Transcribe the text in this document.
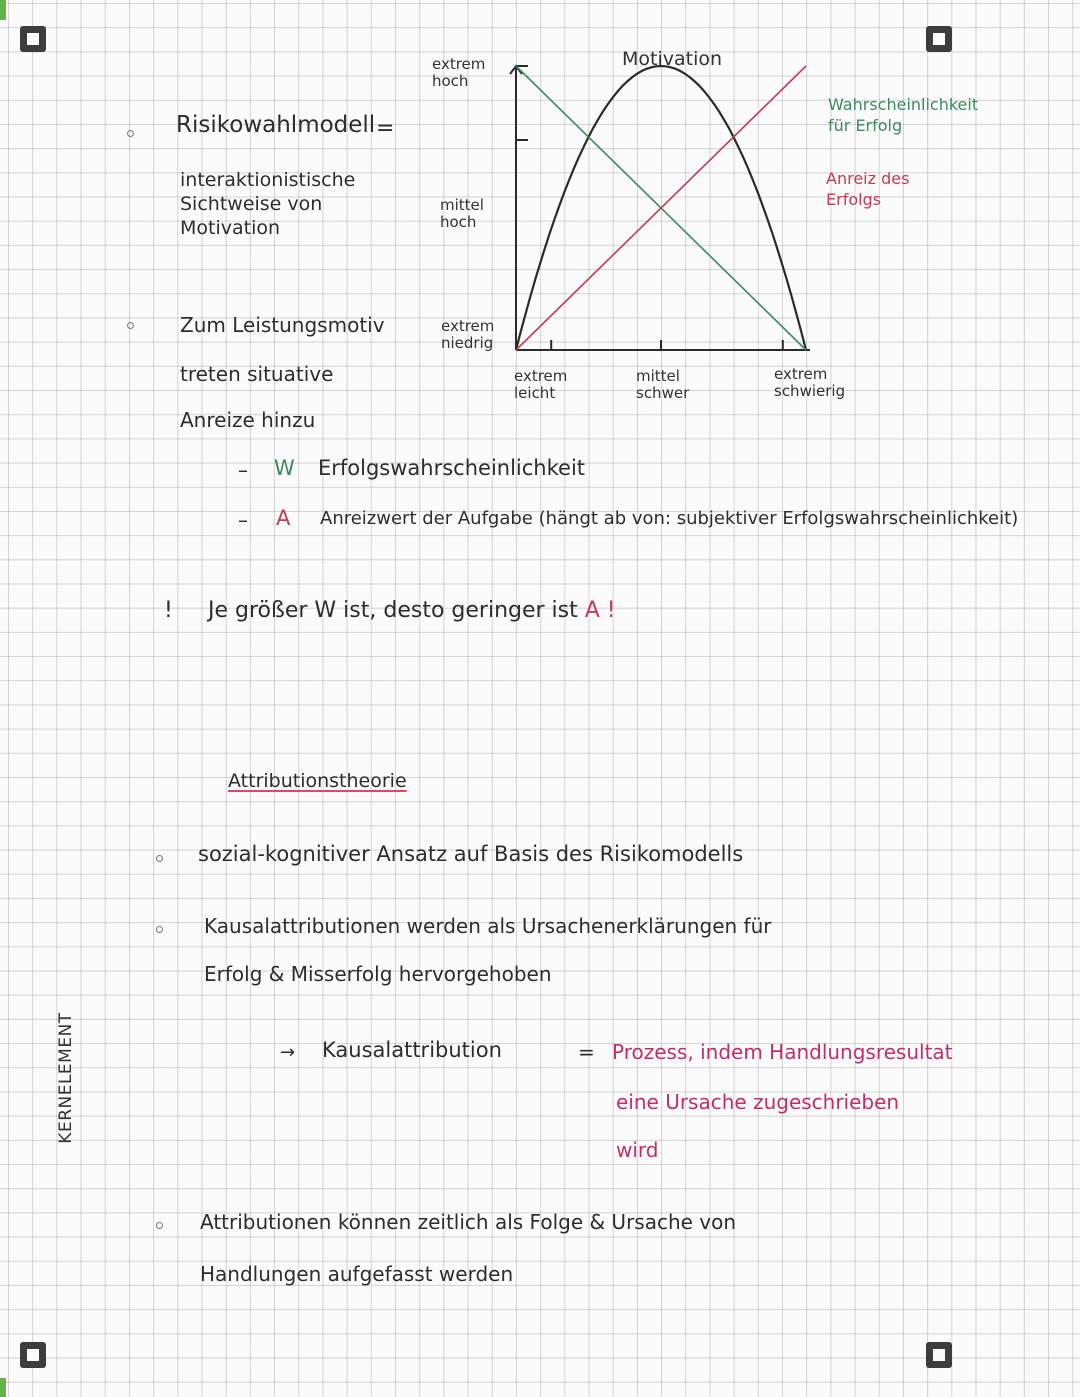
KERNELEMENT
Risikowahlmodell =
interaktionistische
Sichtweise von
Motivation
Zum Leistungsmotiv
treten situative
Anreize hinzu
Motivation
extrem hoch
mittel hoch
extrem niedrig
extrem leicht
mittel schwer
extrem schwierig
Wahrscheinlichkeit für Erfolg
Anreiz des Erfolgs
– W Erfolgswahrscheinlichkeit
– A Anreizwert der Aufgabe (hängt ab von: subjektiver Erfolgswahrscheinlichkeit)
! Je größer W ist, desto geringer ist A !
Attributionstheorie
sozial-kognitiver Ansatz auf Basis des Risikomodells
Kausalattributionen werden als Ursachenerklärungen für
Erfolg & Misserfolg hervorgehoben
→ Kausalattribution	= Prozess, indem Handlungsresultat
eine Ursache zugeschrieben
wird
Attributionen können zeitlich als Folge & Ursache von
Handlungen aufgefasst werden
